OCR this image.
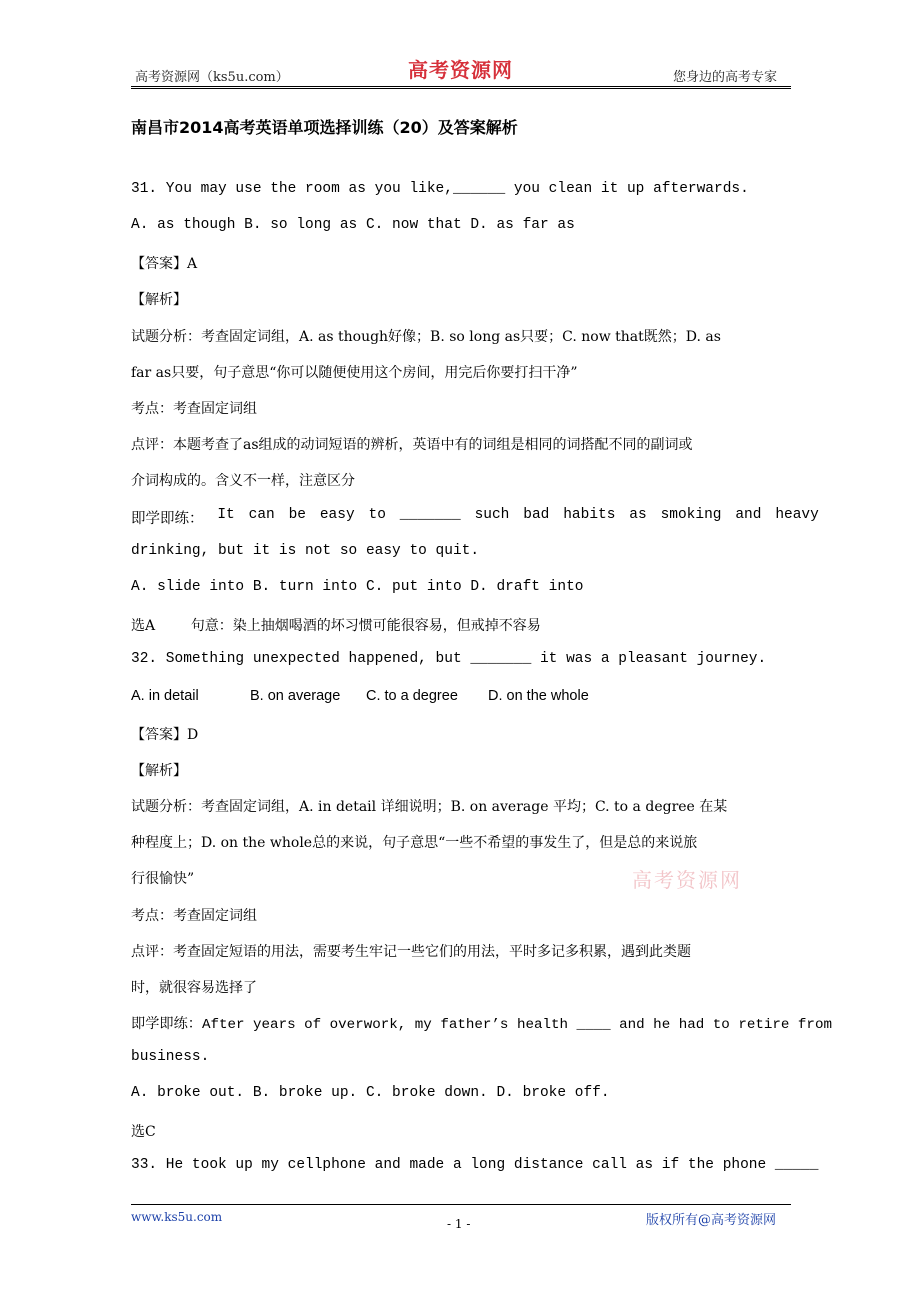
高考资源网（ks5u.com）	高考资源网	您身边的高考专家
南昌市2014高考英语单项选择训练（20）及答案解析
31. You may use the room as you like,______ you clean it up afterwards.
A. as though B. so long as C. now that D. as far as
【答案】A
【解析】
试题分析：考查固定词组，A. as though好像；B. so long as只要；C. now that既然；D. as
far as只要，句子意思“你可以随便使用这个房间，用完后你要打扫干净”
考点：考查固定词组
点评：本题考查了as组成的动词短语的辨析，英语中有的词组是相同的词搭配不同的副词或
介词构成的。含义不一样，注意区分
即学即练： It can be easy to _______ such bad habits as smoking and heavy
drinking, but it is not so easy to quit.
A. slide into B. turn into C. put into D. draft into
选A        句意：染上抽烟喝酒的坏习惯可能很容易，但戒掉不容易
32. Something unexpected happened, but _______ it was a pleasant journey.
A. in detail	B. on average C. to a degree D. on the whole
【答案】D
【解析】
试题分析：考查固定词组，A. in detail 详细说明；B. on average 平均；C. to a degree 在某
种程度上；D. on the whole总的来说，句子意思“一些不希望的事发生了，但是总的来说旅
行很愉快”	高考资源网
考点：考查固定词组
点评：考查固定短语的用法，需要考生牢记一些它们的用法，平时多记多积累，遇到此类题
时，就很容易选择了
即学即练：After years of overwork, my father’s health ____ and he had to retire from
business.
A. broke out. B. broke up. C. broke down. D. broke off.
选C
33. He took up my cellphone and made a long distance call as if the phone _____
www.ks5u.com	- 1 -	版权所有@高考资源网
